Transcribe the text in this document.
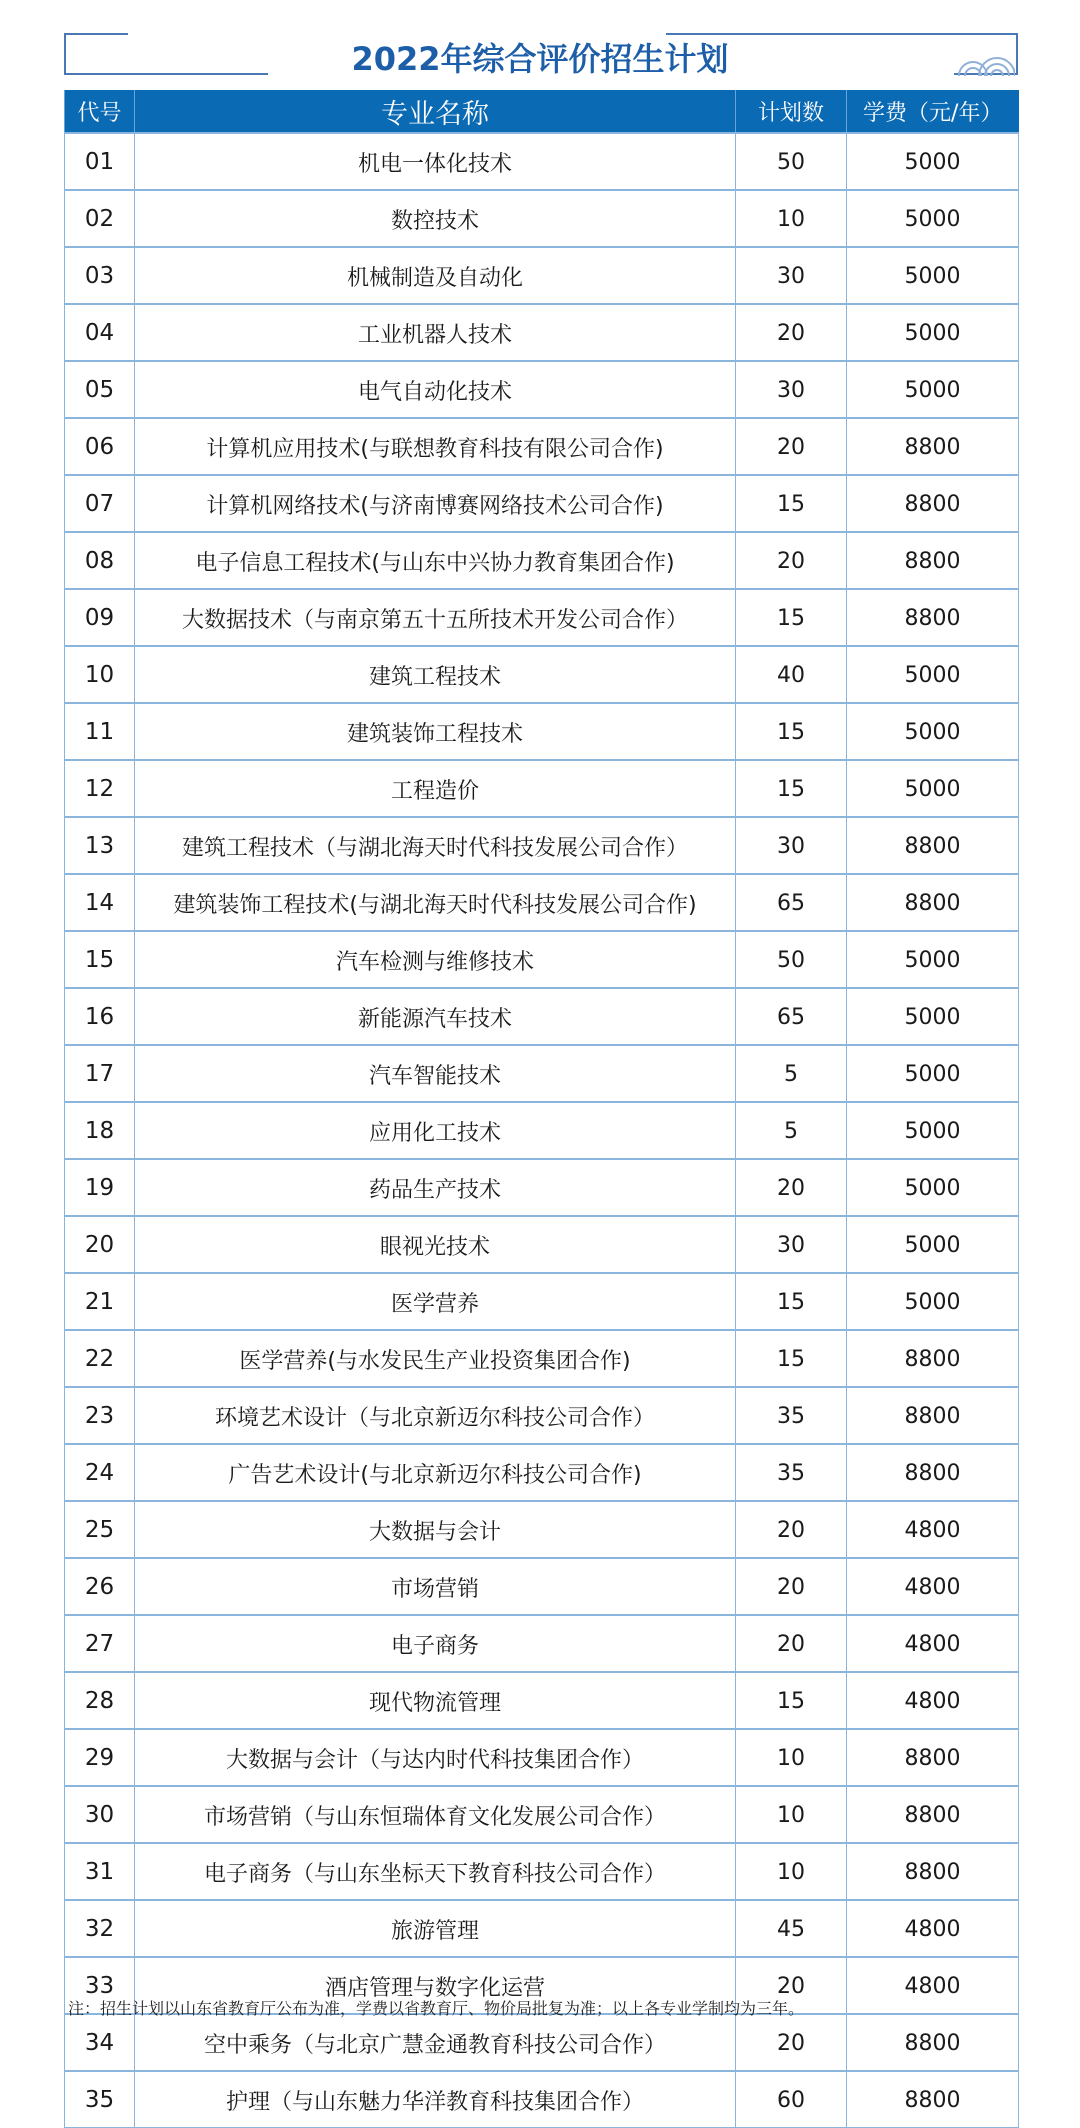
2022年综合评价招生计划
代号	专业名称	计划数	学费（元/年）
01	机电一体化技术	50	5000
02	数控技术	10	5000
03	机械制造及自动化	30	5000
04	工业机器人技术	20	5000
05	电气自动化技术	30	5000
06	计算机应用技术(与联想教育科技有限公司合作)	20	8800
07	计算机网络技术(与济南博赛网络技术公司合作)	15	8800
08	电子信息工程技术(与山东中兴协力教育集团合作)	20	8800
09	大数据技术（与南京第五十五所技术开发公司合作）	15	8800
10	建筑工程技术	40	5000
11	建筑装饰工程技术	15	5000
12	工程造价	15	5000
13	建筑工程技术（与湖北海天时代科技发展公司合作）	30	8800
14	建筑装饰工程技术(与湖北海天时代科技发展公司合作)	65	8800
15	汽车检测与维修技术	50	5000
16	新能源汽车技术	65	5000
17	汽车智能技术	5	5000
18	应用化工技术	5	5000
19	药品生产技术	20	5000
20	眼视光技术	30	5000
21	医学营养	15	5000
22	医学营养(与水发民生产业投资集团合作)	15	8800
23	环境艺术设计（与北京新迈尔科技公司合作）	35	8800
24	广告艺术设计(与北京新迈尔科技公司合作)	35	8800
25	大数据与会计	20	4800
26	市场营销	20	4800
27	电子商务	20	4800
28	现代物流管理	15	4800
29	大数据与会计（与达内时代科技集团合作）	10	8800
30	市场营销（与山东恒瑞体育文化发展公司合作）	10	8800
31	电子商务（与山东坐标天下教育科技公司合作）	10	8800
32	旅游管理	45	4800
33	酒店管理与数字化运营	20	4800
34	空中乘务（与北京广慧金通教育科技公司合作）	20	8800
35	护理（与山东魅力华洋教育科技集团合作）	60	8800
注：招生计划以山东省教育厅公布为准，学费以省教育厅、物价局批复为准；以上各专业学制均为三年。
